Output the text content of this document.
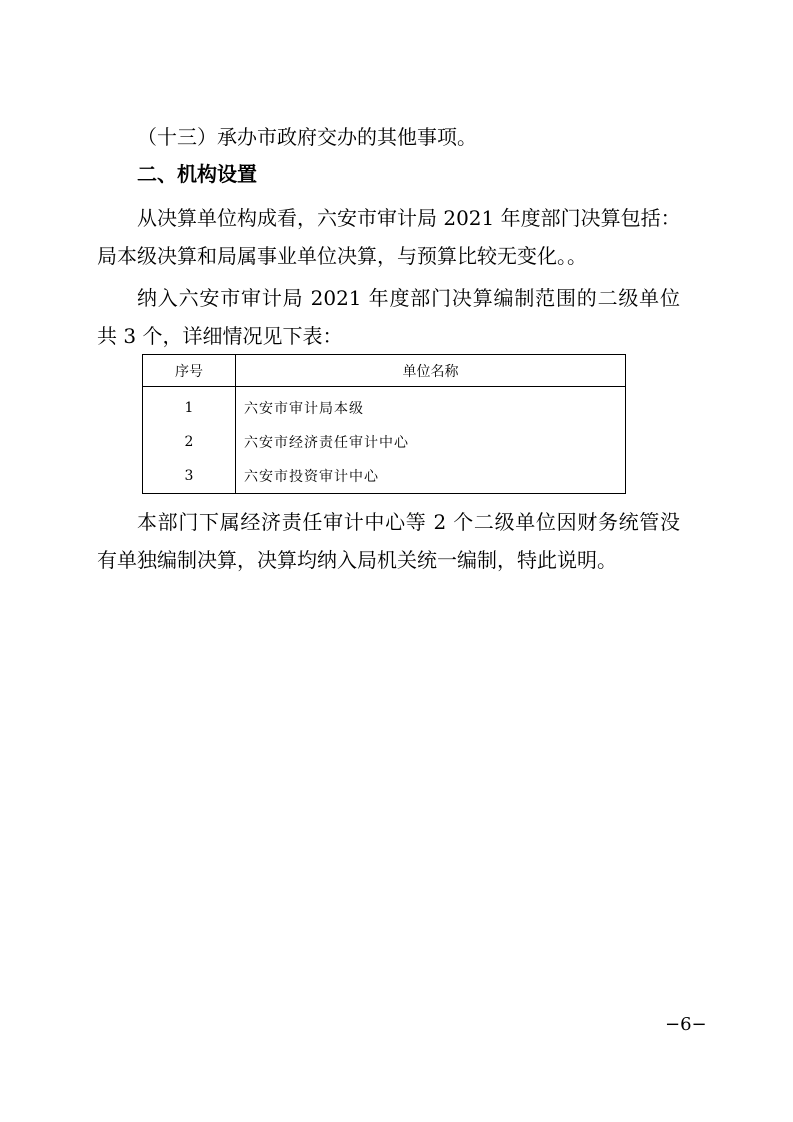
（十三）承办市政府交办的其他事项。
二、机构设置
从决算单位构成看，六安市审计局 2021 年度部门决算包括：
局本级决算和局属事业单位决算，与预算比较无变化。。
纳入六安市审计局 2021 年度部门决算编制范围的二级单位
共 3 个，详细情况见下表：
序号	单位名称
1	六安市审计局本级
2	六安市经济责任审计中心
3	六安市投资审计中心
本部门下属经济责任审计中心等 2 个二级单位因财务统管没
有单独编制决算，决算均纳入局机关统一编制，特此说明。
−6−
